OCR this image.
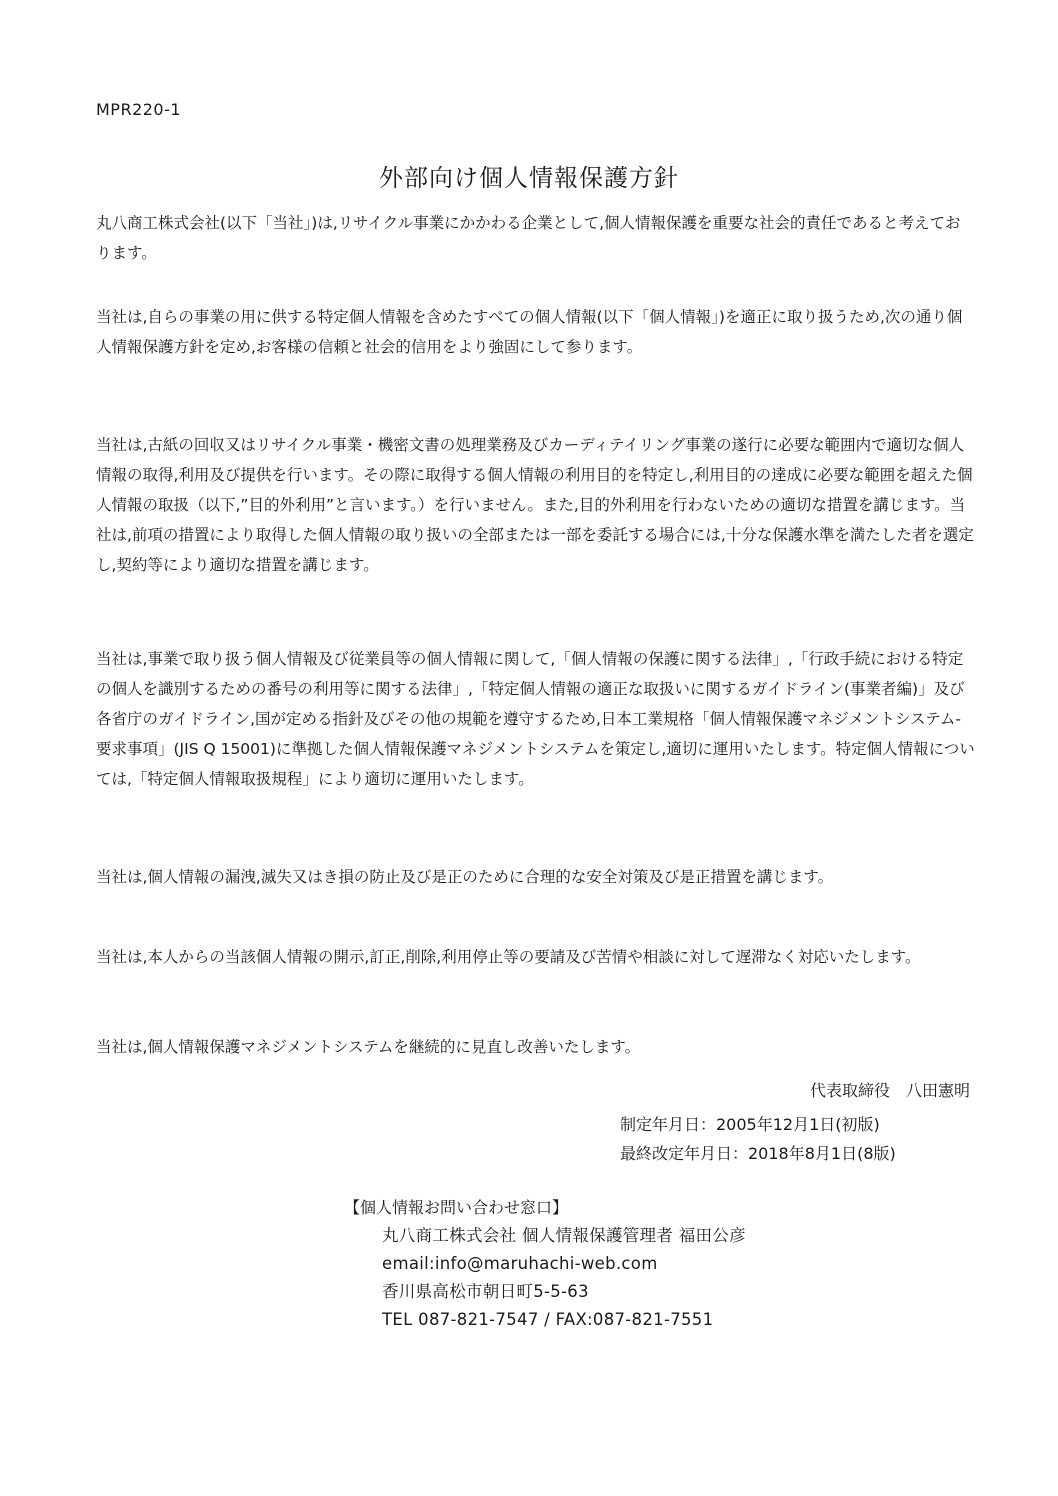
MPR220-1
外部向け個人情報保護方針

丸八商工株式会社(以下「当社」)は,リサイクル事業にかかわる企業として,個人情報保護を重要な社会的責任であると考えております。

当社は,自らの事業の用に供する特定個人情報を含めたすべての個人情報(以下「個人情報」)を適正に取り扱うため,次の通り個人情報保護方針を定め,お客様の信頼と社会的信用をより強固にして参ります。

当社は,古紙の回収又はリサイクル事業・機密文書の処理業務及びカーディテイリング事業の遂行に必要な範囲内で適切な個人情報の取得,利用及び提供を行います。その際に取得する個人情報の利用目的を特定し,利用目的の達成に必要な範囲を超えた個人情報の取扱（以下,”目的外利用”と言います。）を行いません。また,目的外利用を行わないための適切な措置を講じます。当社は,前項の措置により取得した個人情報の取り扱いの全部または一部を委託する場合には,十分な保護水準を満たした者を選定し,契約等により適切な措置を講じます。

当社は,事業で取り扱う個人情報及び従業員等の個人情報に関して,「個人情報の保護に関する法律」,「行政手続における特定の個人を識別するための番号の利用等に関する法律」,「特定個人情報の適正な取扱いに関するガイドライン(事業者編)」及び各省庁のガイドライン,国が定める指針及びその他の規範を遵守するため,日本工業規格「個人情報保護マネジメントシステム-要求事項」(JIS Q 15001)に準拠した個人情報保護マネジメントシステムを策定し,適切に運用いたします。特定個人情報については,「特定個人情報取扱規程」により適切に運用いたします。

当社は,個人情報の漏洩,滅失又はき損の防止及び是正のために合理的な安全対策及び是正措置を講じます。

当社は,本人からの当該個人情報の開示,訂正,削除,利用停止等の要請及び苦情や相談に対して遅滞なく対応いたします。

当社は,個人情報保護マネジメントシステムを継続的に見直し改善いたします。

代表取締役　八田憲明
制定年月日：2005年12月1日(初版)
最終改定年月日：2018年8月1日(8版)
【個人情報お問い合わせ窓口】
丸八商工株式会社 個人情報保護管理者 福田公彦
email:info@maruhachi-web.com
香川県高松市朝日町5-5-63
TEL 087-821-7547 / FAX:087-821-7551
